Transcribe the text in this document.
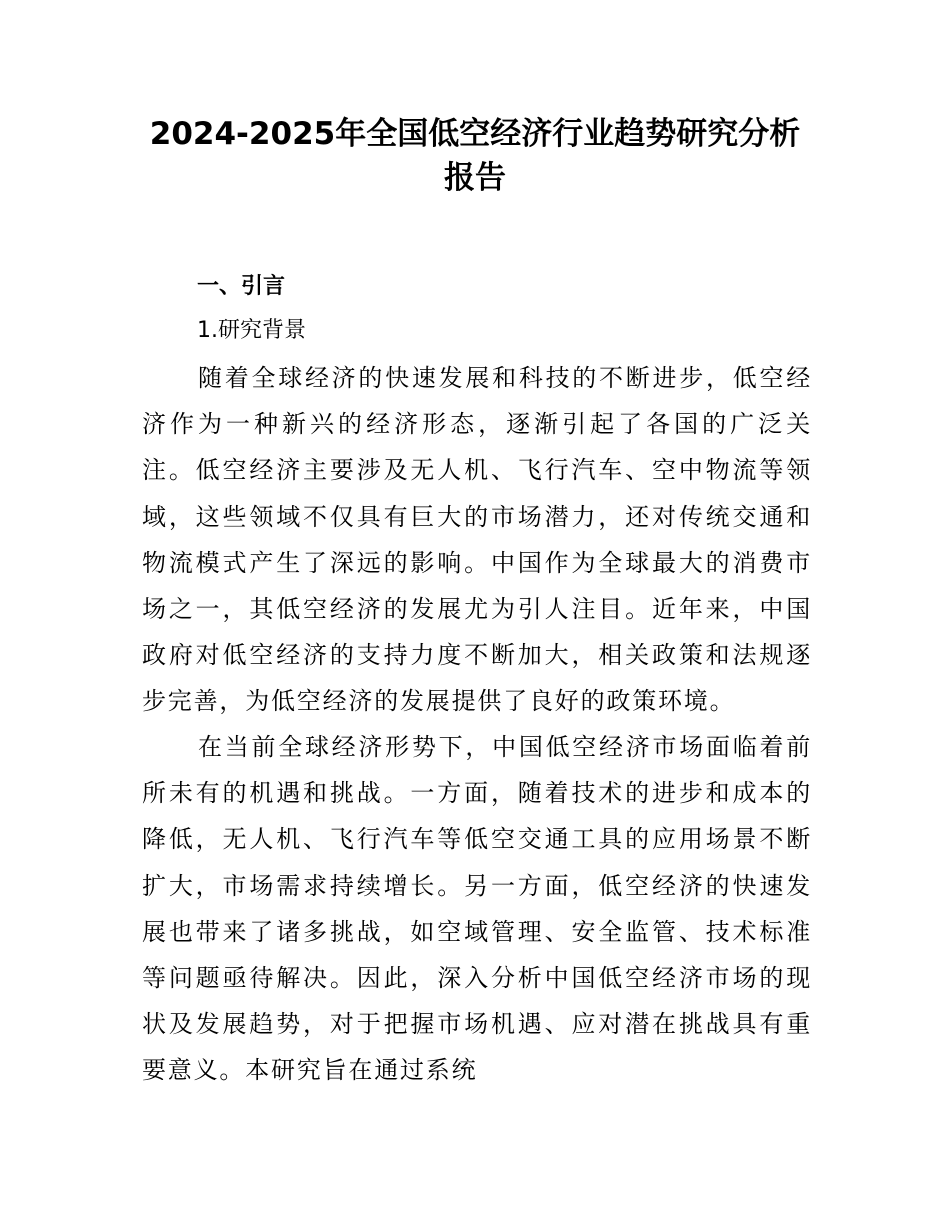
2024-2025年全国低空经济行业趋势研究分析报告
一、引言
1.研究背景

随着全球经济的快速发展和科技的不断进步，低空经济作为一种新兴的经济形态，逐渐引起了各国的广泛关注。低空经济主要涉及无人机、飞行汽车、空中物流等领域，这些领域不仅具有巨大的市场潜力，还对传统交通和物流模式产生了深远的影响。中国作为全球最大的消费市场之一，其低空经济的发展尤为引人注目。近年来，中国政府对低空经济的支持力度不断加大，相关政策和法规逐步完善，为低空经济的发展提供了良好的政策环境。

在当前全球经济形势下，中国低空经济市场面临着前所未有的机遇和挑战。一方面，随着技术的进步和成本的降低，无人机、飞行汽车等低空交通工具的应用场景不断扩大，市场需求持续增长。另一方面，低空经济的快速发展也带来了诸多挑战，如空域管理、安全监管、技术标准等问题亟待解决。因此，深入分析中国低空经济市场的现状及发展趋势，对于把握市场机遇、应对潜在挑战具有重要意义。本研究旨在通过系统
